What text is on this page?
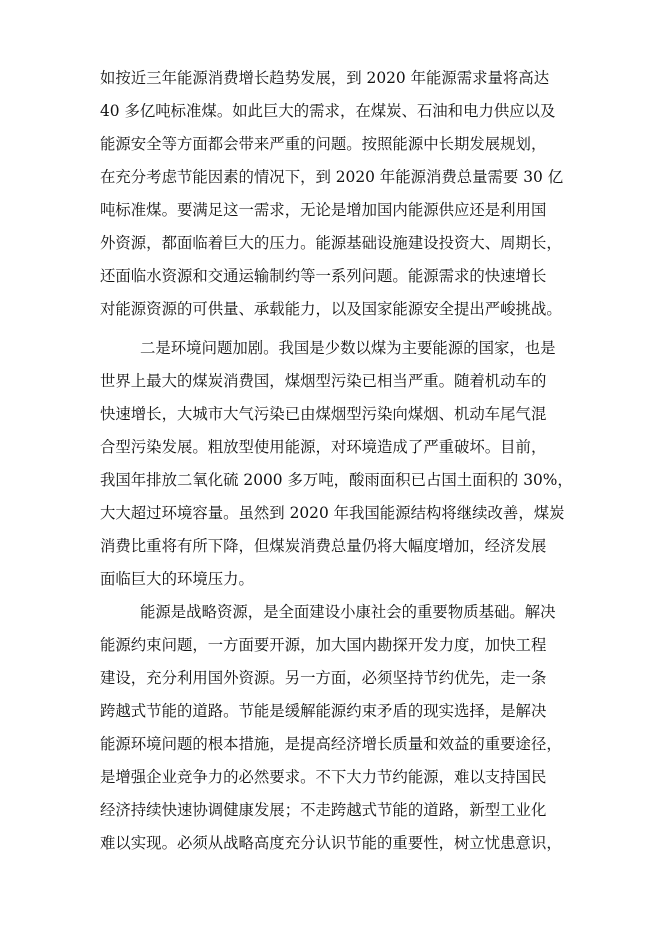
如按近三年能源消费增长趋势发展，到 2020 年能源需求量将高达
40 多亿吨标准煤。如此巨大的需求，在煤炭、石油和电力供应以及
能源安全等方面都会带来严重的问题。按照能源中长期发展规划，
在充分考虑节能因素的情况下，到 2020 年能源消费总量需要 30 亿
吨标准煤。要满足这一需求，无论是增加国内能源供应还是利用国
外资源，都面临着巨大的压力。能源基础设施建设投资大、周期长，
还面临水资源和交通运输制约等一系列问题。能源需求的快速增长
对能源资源的可供量、承载能力，以及国家能源安全提出严峻挑战。
二是环境问题加剧。我国是少数以煤为主要能源的国家，也是
世界上最大的煤炭消费国，煤烟型污染已相当严重。随着机动车的
快速增长，大城市大气污染已由煤烟型污染向煤烟、机动车尾气混
合型污染发展。粗放型使用能源，对环境造成了严重破坏。目前，
我国年排放二氧化硫 2000 多万吨，酸雨面积已占国土面积的 30%，
大大超过环境容量。虽然到 2020 年我国能源结构将继续改善，煤炭
消费比重将有所下降，但煤炭消费总量仍将大幅度增加，经济发展
面临巨大的环境压力。
能源是战略资源，是全面建设小康社会的重要物质基础。解决
能源约束问题，一方面要开源，加大国内勘探开发力度，加快工程
建设，充分利用国外资源。另一方面，必须坚持节约优先，走一条
跨越式节能的道路。节能是缓解能源约束矛盾的现实选择，是解决
能源环境问题的根本措施，是提高经济增长质量和效益的重要途径，
是增强企业竞争力的必然要求。不下大力节约能源，难以支持国民
经济持续快速协调健康发展；不走跨越式节能的道路，新型工业化
难以实现。必须从战略高度充分认识节能的重要性，树立忧患意识，
